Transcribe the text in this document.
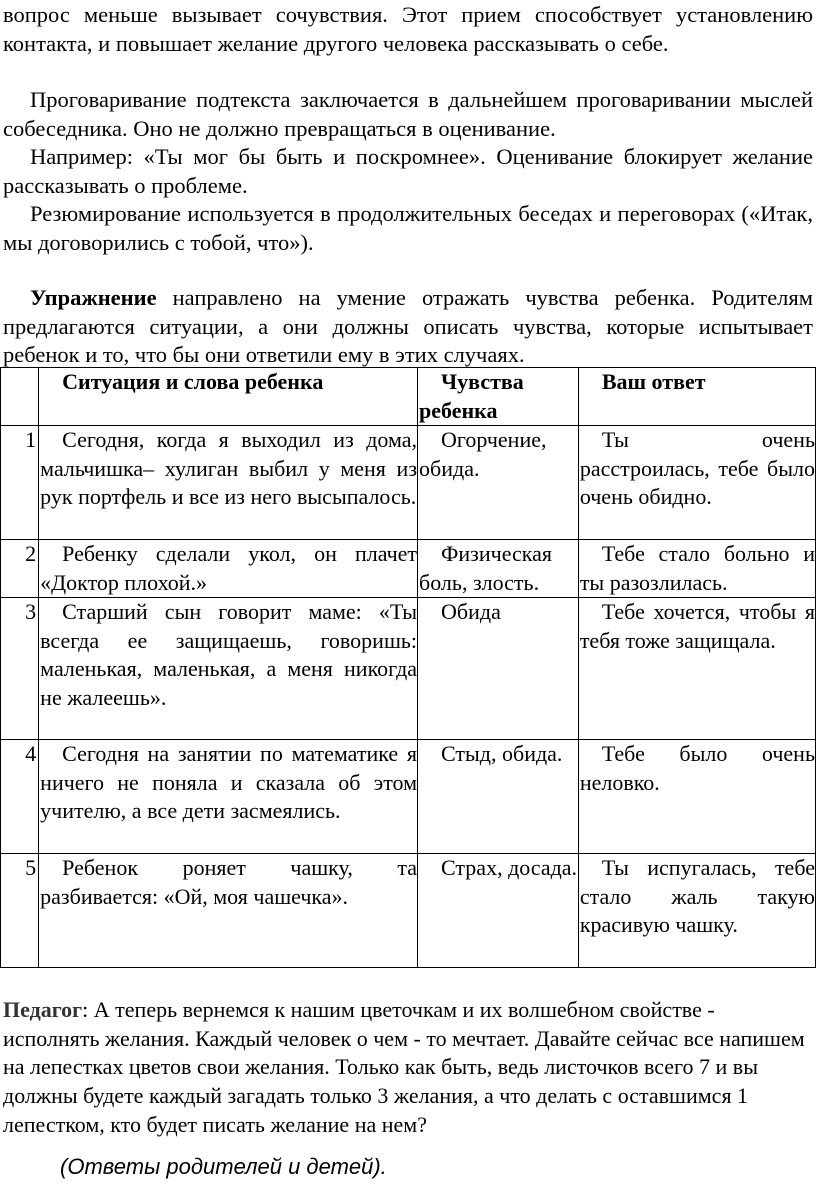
вопрос меньше вызывает сочувствия. Этот прием способствует установлению контакта, и повышает желание другого человека рассказывать о себе.

Проговаривание подтекста заключается в дальнейшем проговаривании мыслей собеседника. Оно не должно превращаться в оценивание.

Например: «Ты мог бы быть и поскромнее». Оценивание блокирует желание рассказывать о проблеме.

Резюмирование используется в продолжительных беседах и переговорах («Итак, мы договорились с тобой, что»).

Упражнение направлено на умение отражать чувства ребенка. Родителям предлагаются ситуации, а они должны описать чувства, которые испытывает ребенок и то, что бы они ответили ему в этих случаях.

	Ситуация и слова ребенка	Чувства ребенка	Ваш ответ
1	Сегодня, когда я выходил из дома, мальчишка– хулиган выбил у меня из рук портфель и все из него высыпалось.	Огорчение, обида.	Ты очень расстроилась, тебе было очень обидно.
2	Ребенку сделали укол, он плачет «Доктор плохой.»	Физическая боль, злость.	Тебе стало больно и ты разозлилась.
3	Старший сын говорит маме: «Ты всегда ее защищаешь, говоришь: маленькая, маленькая, а меня никогда не жалеешь».	Обида	Тебе хочется, чтобы я тебя тоже защищала.
4	Сегодня на занятии по математике я ничего не поняла и сказала об этом учителю, а все дети засмеялись.	Стыд, обида.	Тебе было очень неловко.
5	Ребенок роняет чашку, та разбивается: «Ой, моя чашечка».	Страх, досада.	Ты испугалась, тебе стало жаль такую красивую чашку.

Педагог: А теперь вернемся к нашим цветочкам и их волшебном свойстве - исполнять желания. Каждый человек о чем - то мечтает. Давайте сейчас все напишем на лепестках цветов свои желания. Только как быть, ведь листочков всего 7 и вы должны будете каждый загадать только 3 желания, а что делать с оставшимся 1 лепестком, кто будет писать желание на нем?

(Ответы родителей и детей).
